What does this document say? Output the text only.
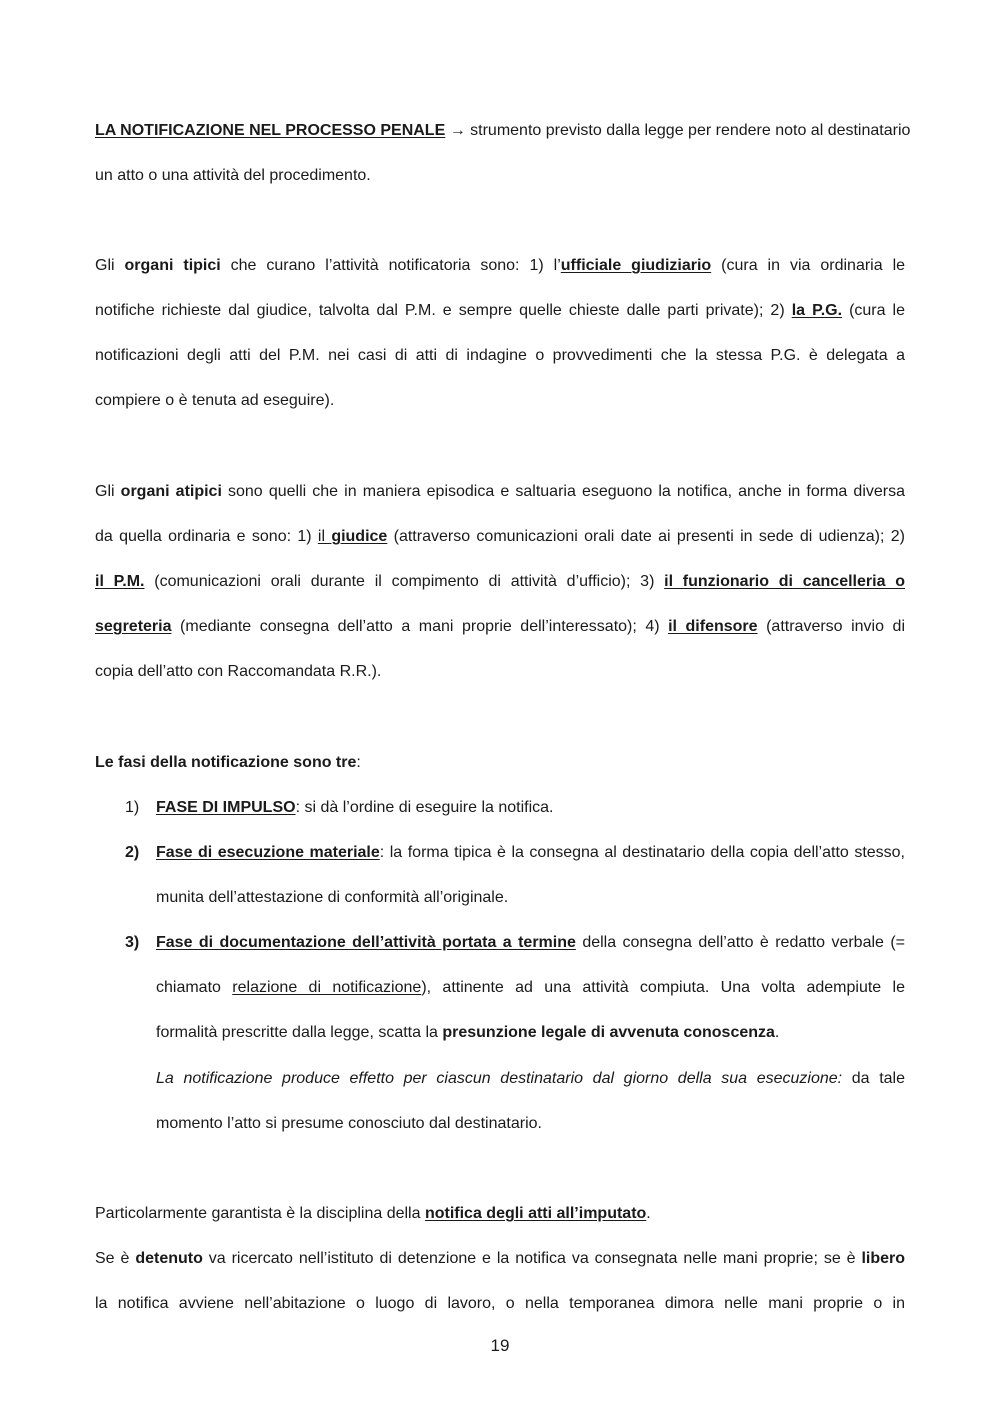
LA NOTIFICAZIONE NEL PROCESSO PENALE → strumento previsto dalla legge per rendere noto al destinatario
un atto o una attività del procedimento.
Gli organi tipici che curano l’attività notificatoria sono: 1) l’ufficiale giudiziario (cura in via ordinaria le
notifiche richieste dal giudice, talvolta dal P.M. e sempre quelle chieste dalle parti private); 2) la P.G. (cura le
notificazioni degli atti del P.M. nei casi di atti di indagine o provvedimenti che la stessa P.G. è delegata a
compiere o è tenuta ad eseguire).
Gli organi atipici sono quelli che in maniera episodica e saltuaria eseguono la notifica, anche in forma diversa
da quella ordinaria e sono: 1) il giudice (attraverso comunicazioni orali date ai presenti in sede di udienza); 2)
il P.M. (comunicazioni orali durante il compimento di attività d’ufficio); 3) il funzionario di cancelleria o
segreteria (mediante consegna dell’atto a mani proprie dell’interessato); 4) il difensore (attraverso invio di
copia dell’atto con Raccomandata R.R.).
Le fasi della notificazione sono tre:
1) FASE DI IMPULSO: si dà l’ordine di eseguire la notifica.
2) Fase di esecuzione materiale: la forma tipica è la consegna al destinatario della copia dell’atto stesso,
munita dell’attestazione di conformità all’originale.
3) Fase di documentazione dell’attività portata a termine della consegna dell’atto è redatto verbale (=
chiamato relazione di notificazione), attinente ad una attività compiuta. Una volta adempiute le
formalità prescritte dalla legge, scatta la presunzione legale di avvenuta conoscenza.
La notificazione produce effetto per ciascun destinatario dal giorno della sua esecuzione: da tale
momento l’atto si presume conosciuto dal destinatario.
Particolarmente garantista è la disciplina della notifica degli atti all’imputato.
Se è detenuto va ricercato nell’istituto di detenzione e la notifica va consegnata nelle mani proprie; se è libero
la notifica avviene nell’abitazione o luogo di lavoro, o nella temporanea dimora nelle mani proprie o in
19
